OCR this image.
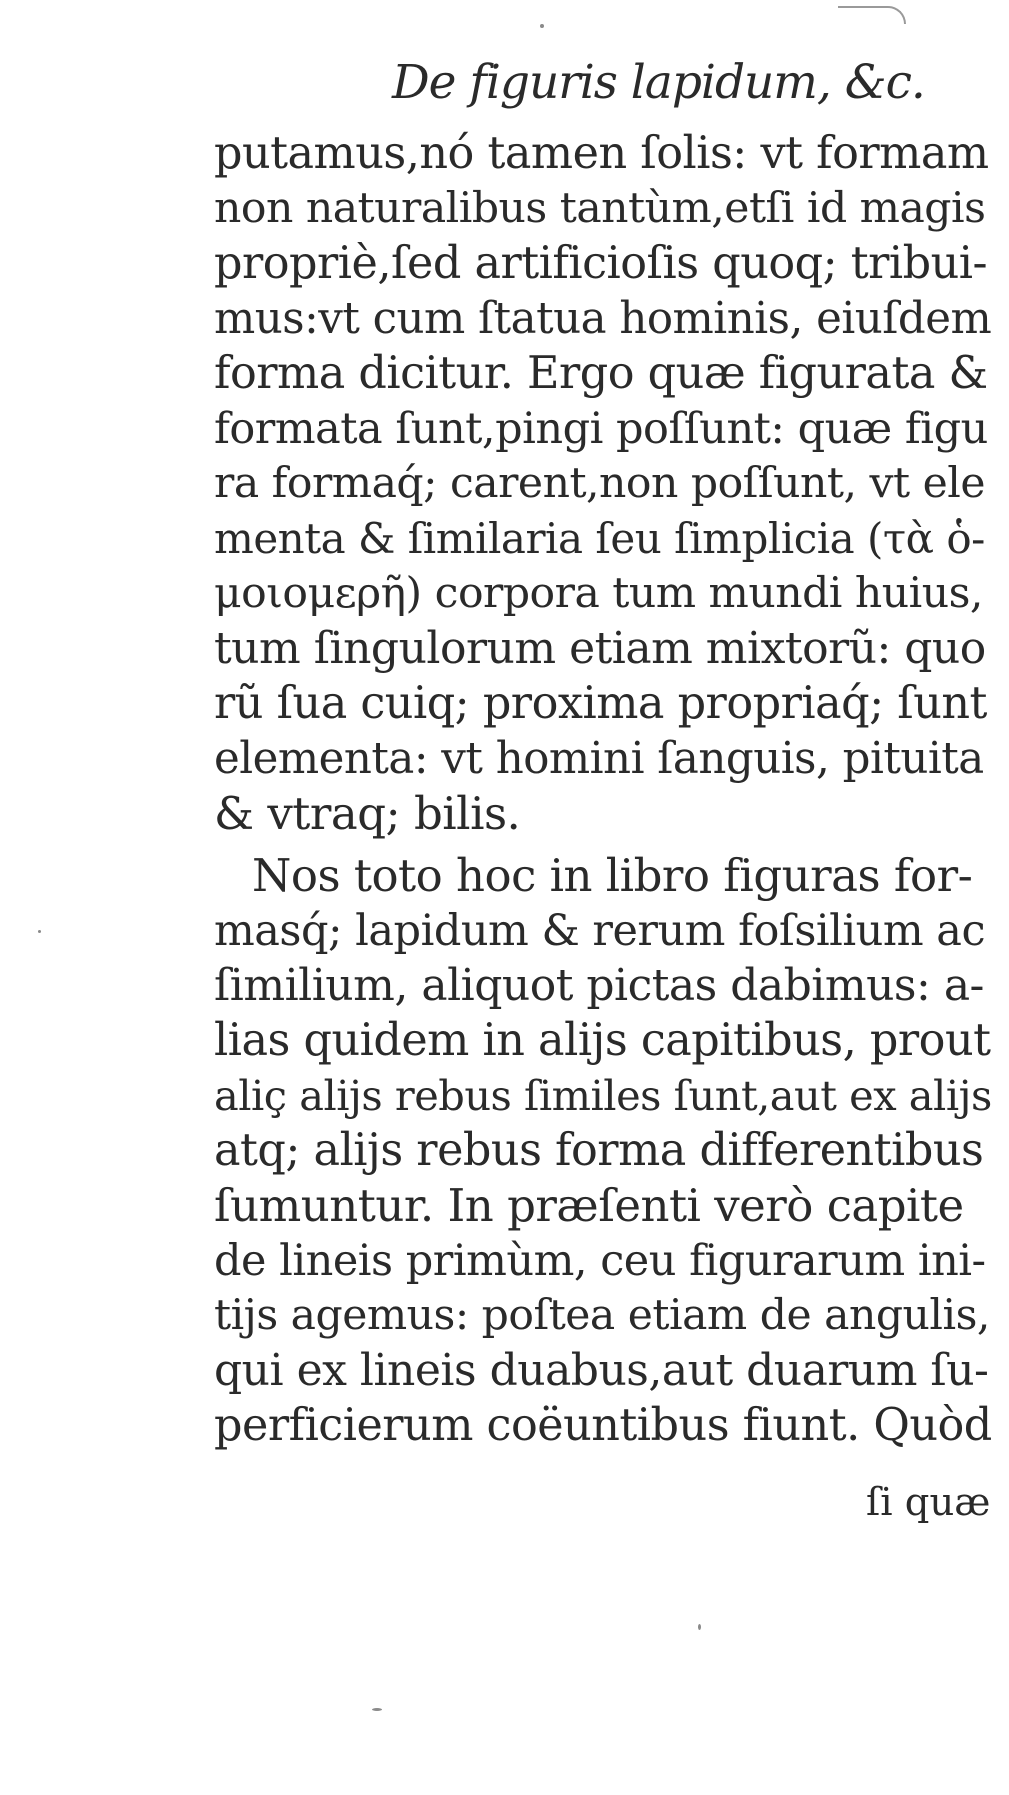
De figuris lapidum, &c.
putamus,nó tamen ſolis: vt formam
non naturalibus tantùm,etſi id magis
propriè,ſed artificioſis quoq; tribui-
mus:vt cum ſtatua hominis, eiuſdem
forma dicitur. Ergo quæ figurata &
formata ſunt,pingi poſſunt: quæ figu
ra formaq́; carent,non poſſunt, vt ele
menta & ſimilaria ſeu ſimplicia (τὰ ὁ-
μοιομερῆ) corpora tum mundi huius,
tum ſingulorum etiam mixtorũ: quo
rũ ſua cuiq; proxima propriaq́; ſunt
elementa: vt homini ſanguis, pituita
& vtraq; bilis.
Nos toto hoc in libro figuras for-
masq́; lapidum & rerum foſsilium ac
ſimilium, aliquot pictas dabimus: a-
lias quidem in alijs capitibus, prout
aliç alijs rebus ſimiles ſunt,aut ex alijs
atq; alijs rebus forma differentibus
ſumuntur. In præſenti verò capite
de lineis primùm, ceu figurarum ini-
tijs agemus: poſtea etiam de angulis,
qui ex lineis duabus,aut duarum ſu-
perficierum coëuntibus fiunt. Quòd
ſi quæ
